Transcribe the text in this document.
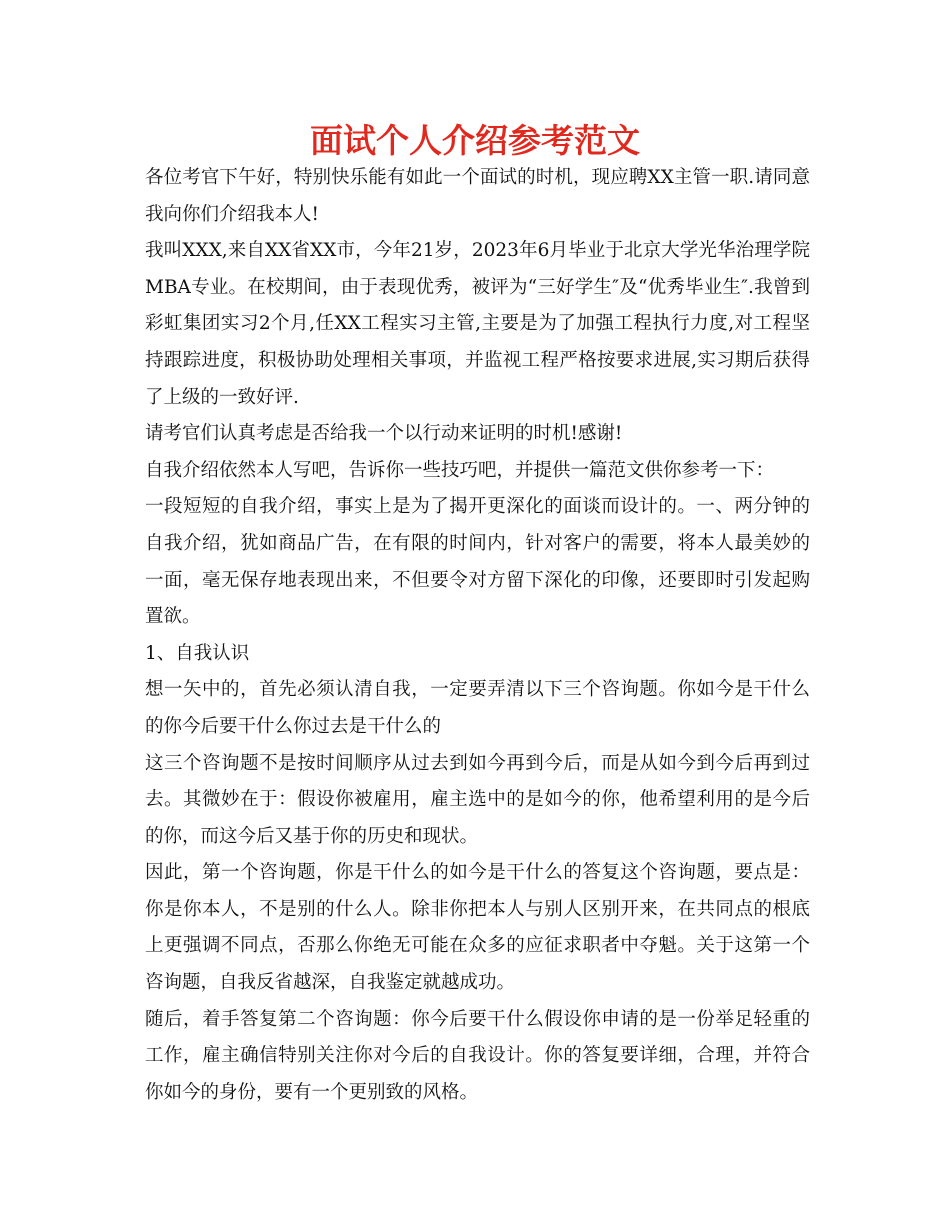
面试个人介绍参考范文

各位考官下午好，特别快乐能有如此一个面试的时机，现应聘XX主管一职.请同意我向你们介绍我本人!

我叫XXX,来自XX省XX市，今年21岁，2023年6月毕业于北京大学光华治理学院MBA专业。在校期间，由于表现优秀，被评为“三好学生″及“优秀毕业生″.我曾到彩虹集团实习2个月,任XX工程实习主管,主要是为了加强工程执行力度,对工程坚持跟踪进度，积极协助处理相关事项，并监视工程严格按要求进展,实习期后获得了上级的一致好评.

请考官们认真考虑是否给我一个以行动来证明的时机!感谢!

自我介绍依然本人写吧，告诉你一些技巧吧，并提供一篇范文供你参考一下：

一段短短的自我介绍，事实上是为了揭开更深化的面谈而设计的。一、两分钟的自我介绍，犹如商品广告，在有限的时间内，针对客户的需要，将本人最美妙的一面，毫无保存地表现出来，不但要令对方留下深化的印像，还要即时引发起购置欲。

1、自我认识

想一矢中的，首先必须认清自我，一定要弄清以下三个咨询题。你如今是干什么的你今后要干什么你过去是干什么的

这三个咨询题不是按时间顺序从过去到如今再到今后，而是从如今到今后再到过去。其微妙在于：假设你被雇用，雇主选中的是如今的你，他希望利用的是今后的你，而这今后又基于你的历史和现状。

因此，第一个咨询题，你是干什么的如今是干什么的答复这个咨询题，要点是：你是你本人，不是别的什么人。除非你把本人与别人区别开来，在共同点的根底上更强调不同点，否那么你绝无可能在众多的应征求职者中夺魁。关于这第一个咨询题，自我反省越深，自我鉴定就越成功。

随后，着手答复第二个咨询题：你今后要干什么假设你申请的是一份举足轻重的工作，雇主确信特别关注你对今后的自我设计。你的答复要详细，合理，并符合你如今的身份，要有一个更别致的风格。
